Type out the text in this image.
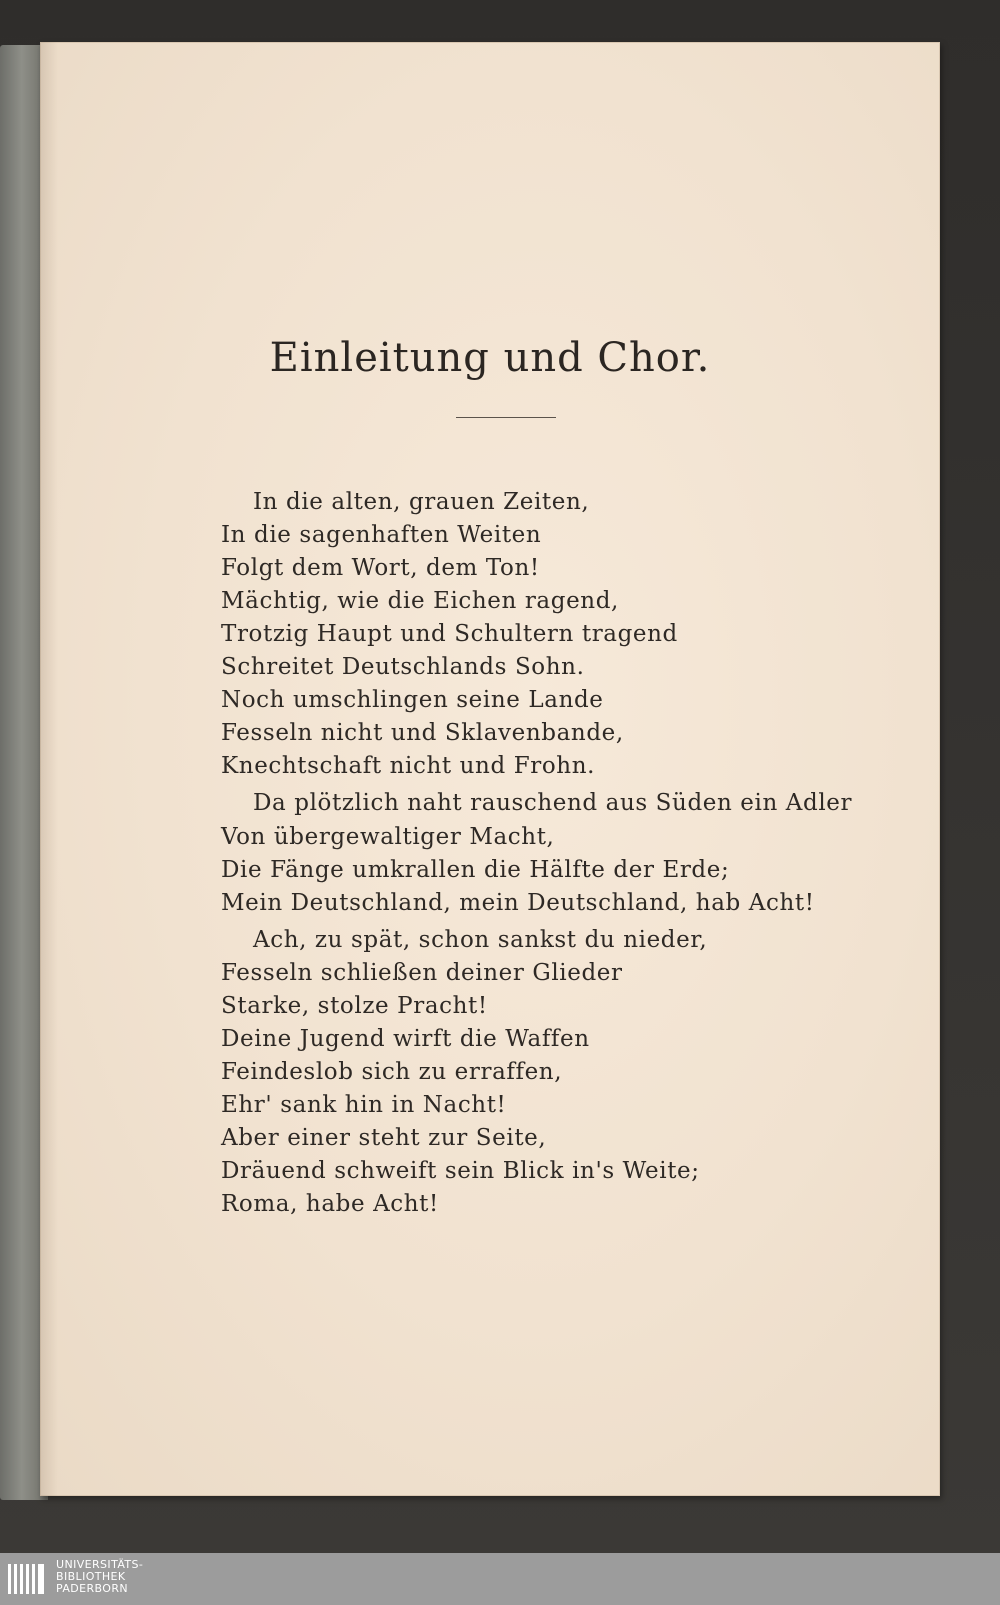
Einleitung und Chor.
In die alten, grauen Zeiten,
In die sagenhaften Weiten
Folgt dem Wort, dem Ton!
Mächtig, wie die Eichen ragend,
Trotzig Haupt und Schultern tragend
Schreitet Deutschlands Sohn.
Noch umschlingen seine Lande
Fesseln nicht und Sklavenbande,
Knechtschaft nicht und Frohn.
Da plötzlich naht rauschend aus Süden ein Adler
Von übergewaltiger Macht,
Die Fänge umkrallen die Hälfte der Erde;
Mein Deutschland, mein Deutschland, hab Acht!
Ach, zu spät, schon sankst du nieder,
Fesseln schließen deiner Glieder
Starke, stolze Pracht!
Deine Jugend wirft die Waffen
Feindeslob sich zu erraffen,
Ehr' sank hin in Nacht!
Aber einer steht zur Seite,
Dräuend schweift sein Blick in's Weite;
Roma, habe Acht!
UNIVERSITÄTS-
BIBLIOTHEK
PADERBORN
